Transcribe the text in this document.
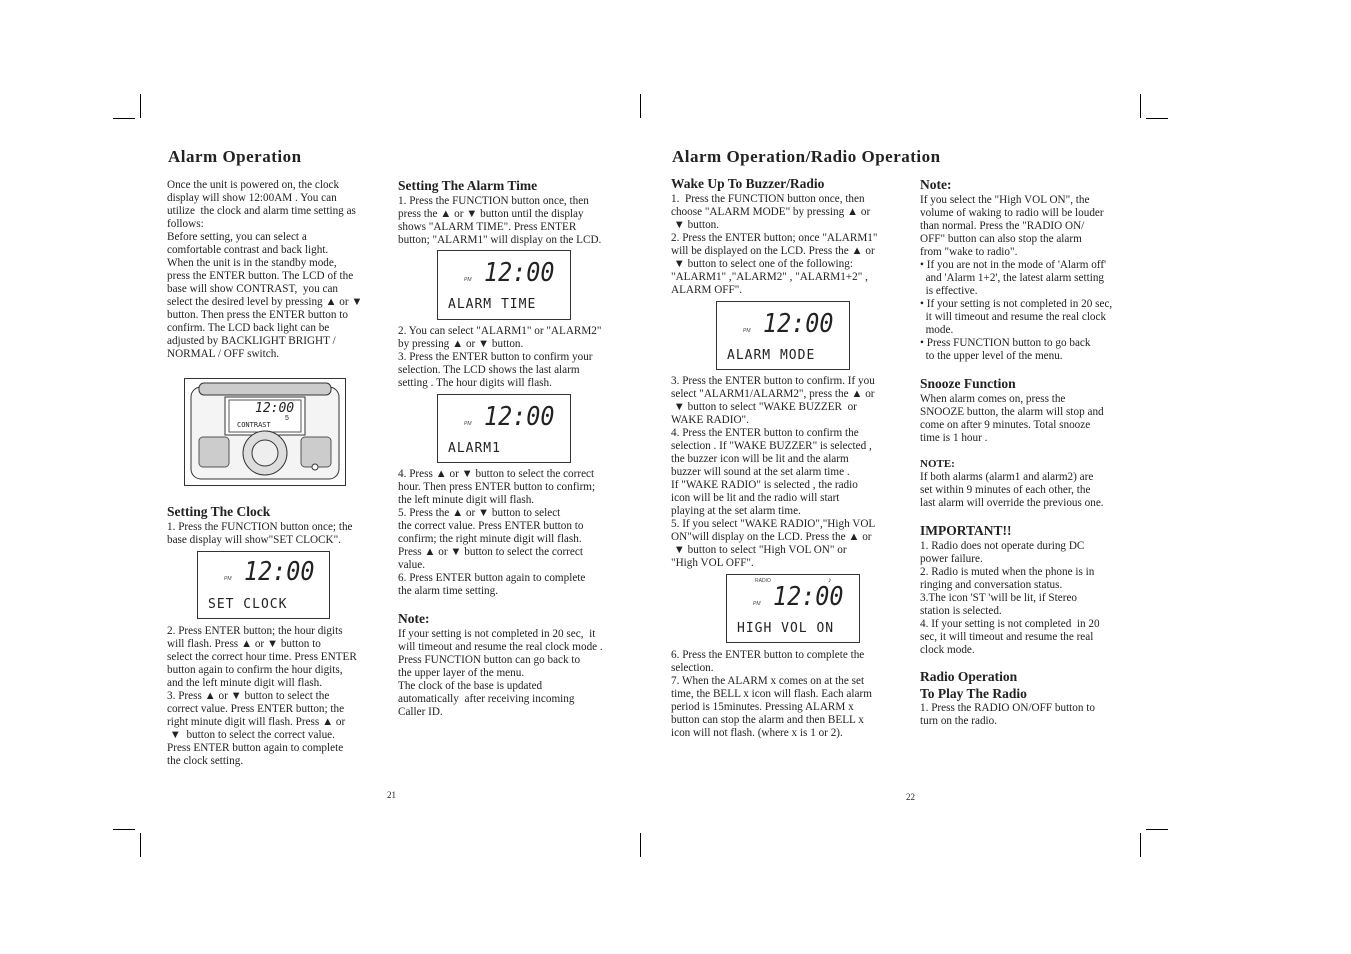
Alarm Operation

Once the unit is powered on, the clock
display will show 12:00AM . You can
utilize  the clock and alarm time setting as
follows:
Before setting, you can select a
comfortable contrast and back light.
When the unit is in the standby mode,
press the ENTER button. The LCD of the
base will show CONTRAST,  you can
select the desired level by pressing ▲ or ▼
button. Then press the ENTER button to
confirm. The LCD back light can be
adjusted by BACKLIGHT BRIGHT /
NORMAL / OFF switch.

12:00
CONTRAST
5
Setting The Clock

1. Press the FUNCTION button once; the
base display will show"SET CLOCK".

PM 12:00
SET CLOCK

2. Press ENTER button; the hour digits
will flash. Press ▲ or ▼ button to
select the correct hour time. Press ENTER
button again to confirm the hour digits,
and the left minute digit will flash.
3. Press ▲ or ▼ button to select the
correct value. Press ENTER button; the
right minute digit will flash. Press ▲ or
▼  button to select the correct value.
Press ENTER button again to complete
the clock setting.

Setting The Alarm Time

1. Press the FUNCTION button once, then
press the ▲ or ▼ button until the display
shows "ALARM TIME". Press ENTER
button; "ALARM1" will display on the LCD.

PM 12:00
ALARM TIME

2. You can select "ALARM1" or "ALARM2"
by pressing ▲ or ▼ button.
3. Press the ENTER button to confirm your
selection. The LCD shows the last alarm
setting . The hour digits will flash.

PM 12:00
ALARM1

4. Press ▲ or ▼ button to select the correct
hour. Then press ENTER button to confirm;
the left minute digit will flash.
5. Press the ▲ or ▼ button to select
the correct value. Press ENTER button to
confirm; the right minute digit will flash.
Press ▲ or ▼ button to select the correct
value.
6. Press ENTER button again to complete
the alarm time setting.

Note:

If your setting is not completed in 20 sec,  it
will timeout and resume the real clock mode .
Press FUNCTION button can go back to
the upper layer of the menu.
The clock of the base is updated
automatically  after receiving incoming
Caller ID.

21
Alarm Operation/Radio Operation
Wake Up To Buzzer/Radio

1.  Press the FUNCTION button once, then
choose "ALARM MODE" by pressing ▲ or
▼ button.
2. Press the ENTER button; once "ALARM1"
will be displayed on the LCD. Press the ▲ or
▼ button to select one of the following:
"ALARM1" ,"ALARM2" , "ALARM1+2" ,
ALARM OFF".

PM 12:00
ALARM MODE

3. Press the ENTER button to confirm. If you
select "ALARM1/ALARM2", press the ▲ or
▼ button to select "WAKE BUZZER  or
WAKE RADIO".
4. Press the ENTER button to confirm the
selection . If "WAKE BUZZER" is selected ,
the buzzer icon will be lit and the alarm
buzzer will sound at the set alarm time .
If "WAKE RADIO" is selected , the radio
icon will be lit and the radio will start
playing at the set alarm time.
5. If you select "WAKE RADIO","High VOL
ON"will display on the LCD. Press the ▲ or
▼ button to select "High VOL ON" or
"High VOL OFF".

RADIO	♪
PM 12:00
HIGH VOL ON

6. Press the ENTER button to complete the
selection.
7. When the ALARM x comes on at the set
time, the BELL x icon will flash. Each alarm
period is 15minutes. Pressing ALARM x
button can stop the alarm and then BELL x
icon will not flash. (where x is 1 or 2).

Note:

If you select the "High VOL ON", the
volume of waking to radio will be louder
than normal. Press the "RADIO ON/
OFF" button can also stop the alarm
from "wake to radio".

• If you are not in the mode of 'Alarm off'
and 'Alarm 1+2', the latest alarm setting
is effective.

• If your setting is not completed in 20 sec,
it will timeout and resume the real clock
mode.

• Press FUNCTION button to go back
to the upper level of the menu.

Snooze Function

When alarm comes on, press the
SNOOZE button, the alarm will stop and
come on after 9 minutes. Total snooze
time is 1 hour .

NOTE:

If both alarms (alarm1 and alarm2) are
set within 9 minutes of each other, the
last alarm will override the previous one.

IMPORTANT!!

1. Radio does not operate during DC
power failure.
2. Radio is muted when the phone is in
ringing and conversation status.
3.The icon 'ST 'will be lit, if Stereo
station is selected.
4. If your setting is not completed  in 20
sec, it will timeout and resume the real
clock mode.

Radio Operation
To Play The Radio

1. Press the RADIO ON/OFF button to
turn on the radio.

22
